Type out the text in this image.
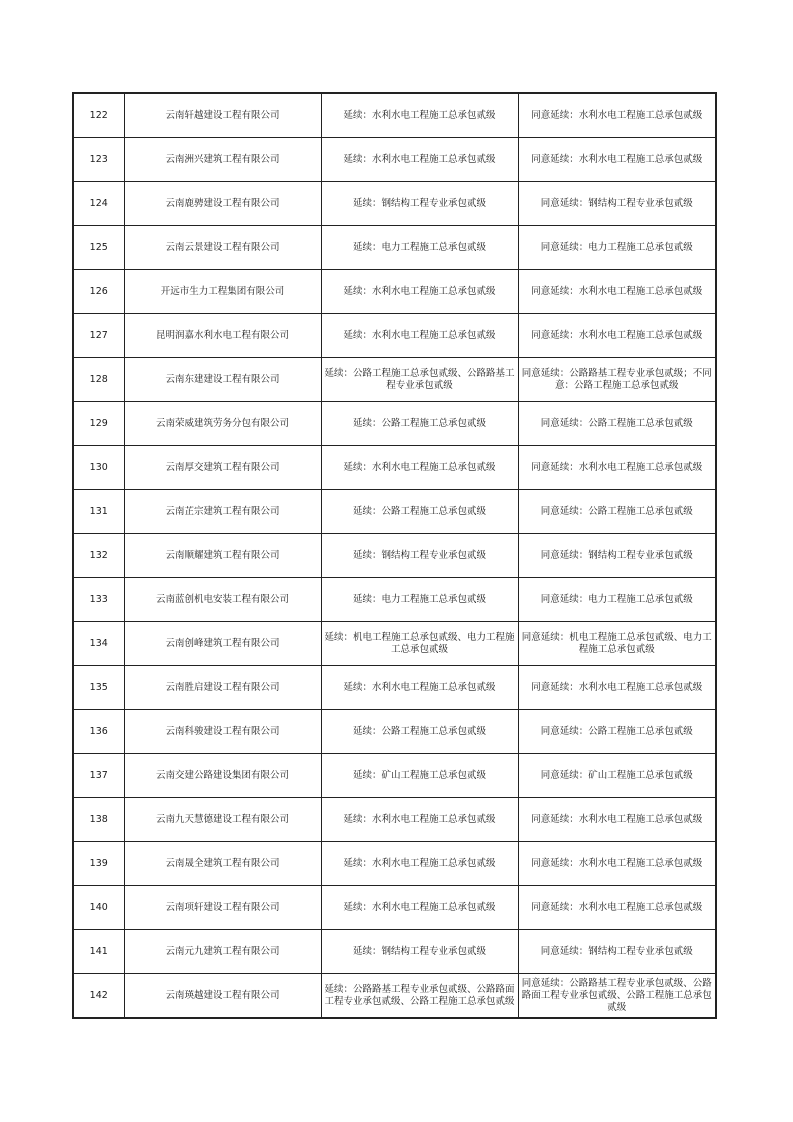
122	云南轩越建设工程有限公司	延续：水利水电工程施工总承包贰级	同意延续：水利水电工程施工总承包贰级
123	云南洲兴建筑工程有限公司	延续：水利水电工程施工总承包贰级	同意延续：水利水电工程施工总承包贰级
124	云南鹿骋建设工程有限公司	延续：钢结构工程专业承包贰级	同意延续：钢结构工程专业承包贰级
125	云南云景建设工程有限公司	延续：电力工程施工总承包贰级	同意延续：电力工程施工总承包贰级
126	开远市生力工程集团有限公司	延续：水利水电工程施工总承包贰级	同意延续：水利水电工程施工总承包贰级
127	昆明润嘉水利水电工程有限公司	延续：水利水电工程施工总承包贰级	同意延续：水利水电工程施工总承包贰级
128	云南东建建设工程有限公司	延续：公路工程施工总承包贰级、公路路基工程专业承包贰级	同意延续：公路路基工程专业承包贰级；不同意：公路工程施工总承包贰级
129	云南荣威建筑劳务分包有限公司	延续：公路工程施工总承包贰级	同意延续：公路工程施工总承包贰级
130	云南厚交建筑工程有限公司	延续：水利水电工程施工总承包贰级	同意延续：水利水电工程施工总承包贰级
131	云南芷宗建筑工程有限公司	延续：公路工程施工总承包贰级	同意延续：公路工程施工总承包贰级
132	云南顺耀建筑工程有限公司	延续：钢结构工程专业承包贰级	同意延续：钢结构工程专业承包贰级
133	云南蓝创机电安装工程有限公司	延续：电力工程施工总承包贰级	同意延续：电力工程施工总承包贰级
134	云南创峰建筑工程有限公司	延续：机电工程施工总承包贰级、电力工程施工总承包贰级	同意延续：机电工程施工总承包贰级、电力工程施工总承包贰级
135	云南胜启建设工程有限公司	延续：水利水电工程施工总承包贰级	同意延续：水利水电工程施工总承包贰级
136	云南科骏建设工程有限公司	延续：公路工程施工总承包贰级	同意延续：公路工程施工总承包贰级
137	云南交建公路建设集团有限公司	延续：矿山工程施工总承包贰级	同意延续：矿山工程施工总承包贰级
138	云南九天慧德建设工程有限公司	延续：水利水电工程施工总承包贰级	同意延续：水利水电工程施工总承包贰级
139	云南晟全建筑工程有限公司	延续：水利水电工程施工总承包贰级	同意延续：水利水电工程施工总承包贰级
140	云南项轩建设工程有限公司	延续：水利水电工程施工总承包贰级	同意延续：水利水电工程施工总承包贰级
141	云南元九建筑工程有限公司	延续：钢结构工程专业承包贰级	同意延续：钢结构工程专业承包贰级
142	云南瑛越建设工程有限公司	延续：公路路基工程专业承包贰级、公路路面工程专业承包贰级、公路工程施工总承包贰级	同意延续：公路路基工程专业承包贰级、公路路面工程专业承包贰级、公路工程施工总承包贰级
